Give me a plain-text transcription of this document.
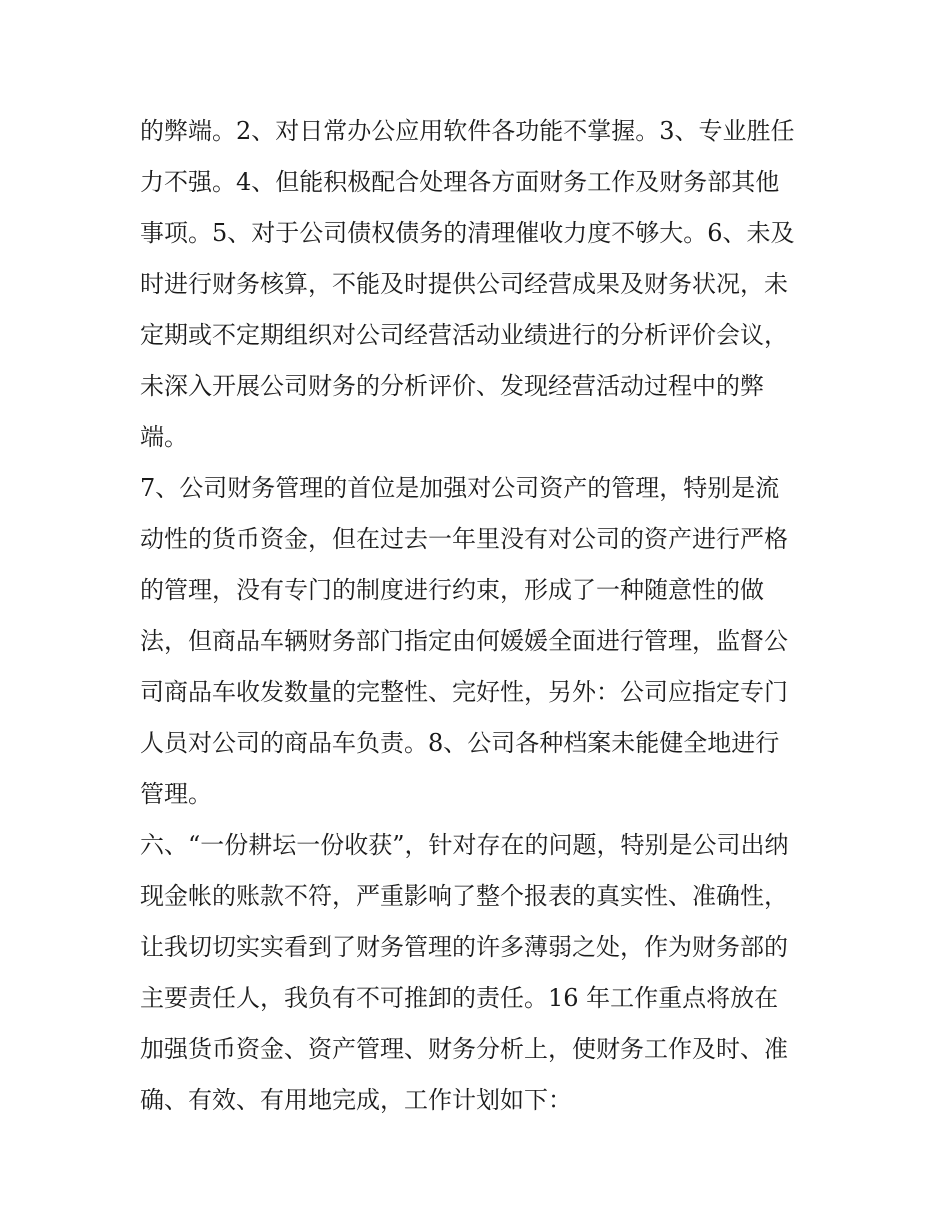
的弊端。2、对日常办公应用软件各功能不掌握。3、专业胜任
力不强。4、但能积极配合处理各方面财务工作及财务部其他
事项。5、对于公司债权债务的清理催收力度不够大。6、未及
时进行财务核算，不能及时提供公司经营成果及财务状况，未
定期或不定期组织对公司经营活动业绩进行的分析评价会议，
未深入开展公司财务的分析评价、发现经营活动过程中的弊
端。
7、公司财务管理的首位是加强对公司资产的管理，特别是流
动性的货币资金，但在过去一年里没有对公司的资产进行严格
的管理，没有专门的制度进行约束，形成了一种随意性的做
法，但商品车辆财务部门指定由何媛媛全面进行管理，监督公
司商品车收发数量的完整性、完好性，另外：公司应指定专门
人员对公司的商品车负责。8、公司各种档案未能健全地进行
管理。
六、“一份耕坛一份收获”，针对存在的问题，特别是公司出纳
现金帐的账款不符，严重影响了整个报表的真实性、准确性，
让我切切实实看到了财务管理的许多薄弱之处，作为财务部的
主要责任人，我负有不可推卸的责任。16 年工作重点将放在
加强货币资金、资产管理、财务分析上，使财务工作及时、准
确、有效、有用地完成，工作计划如下：
